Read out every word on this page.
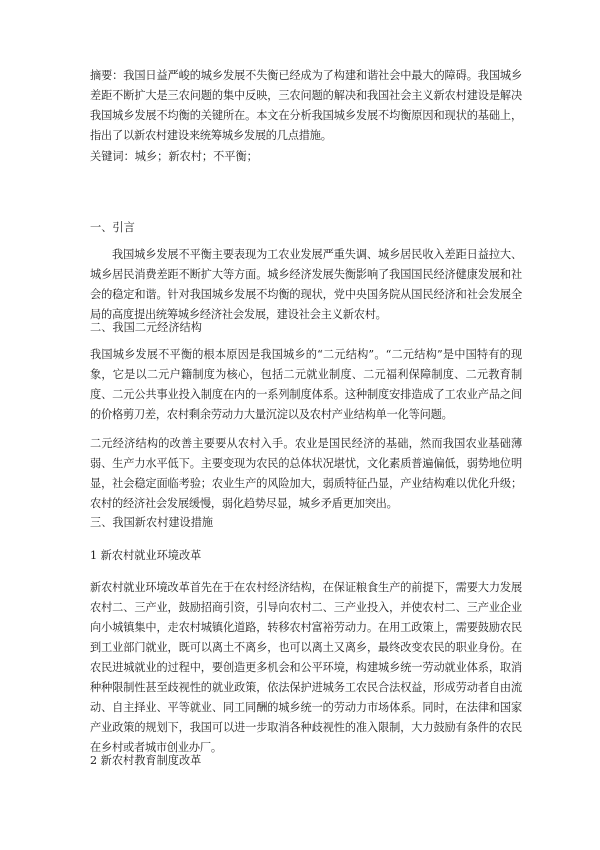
摘要：我国日益严峻的城乡发展不失衡已经成为了构建和谐社会中最大的障碍。我国城乡差距不断扩大是三农问题的集中反映，三农问题的解决和我国社会主义新农村建设是解决我国城乡发展不均衡的关键所在。本文在分析我国城乡发展不均衡原因和现状的基础上，指出了以新农村建设来统筹城乡发展的几点措施。

关键词：城乡；新农村；不平衡；

一、引言

我国城乡发展不平衡主要表现为工农业发展严重失调、城乡居民收入差距日益拉大、城乡居民消费差距不断扩大等方面。城乡经济发展失衡影响了我国国民经济健康发展和社会的稳定和谐。针对我国城乡发展不均衡的现状，党中央国务院从国民经济和社会发展全局的高度提出统筹城乡经济社会发展，建设社会主义新农村。

二、我国二元经济结构

我国城乡发展不平衡的根本原因是我国城乡的“二元结构”。“二元结构”是中国特有的现象，它是以二元户籍制度为核心，包括二元就业制度、二元福利保障制度、二元教育制度、二元公共事业投入制度在内的一系列制度体系。这种制度安排造成了工农业产品之间的价格剪刀差，农村剩余劳动力大量沉淀以及农村产业结构单一化等问题。

二元经济结构的改善主要要从农村入手。农业是国民经济的基础，然而我国农业基础薄弱、生产力水平低下。主要变现为农民的总体状况堪忧，文化素质普遍偏低，弱势地位明显，社会稳定面临考验；农业生产的风险加大，弱质特征凸显，产业结构难以优化升级；农村的经济社会发展缓慢，弱化趋势尽显，城乡矛盾更加突出。

三、我国新农村建设措施

1 新农村就业环境改革

新农村就业环境改革首先在于在农村经济结构，在保证粮食生产的前提下，需要大力发展农村二、三产业，鼓励招商引资，引导向农村二、三产业投入，并使农村二、三产业企业向小城镇集中，走农村城镇化道路，转移农村富裕劳动力。在用工政策上，需要鼓励农民到工业部门就业，既可以离土不离乡，也可以离土又离乡，最终改变农民的职业身份。在农民进城就业的过程中，要创造更多机会和公平环境，构建城乡统一劳动就业体系，取消种种限制性甚至歧视性的就业政策，依法保护进城务工农民合法权益，形成劳动者自由流动、自主择业、平等就业、同工同酬的城乡统一的劳动力市场体系。同时，在法律和国家产业政策的规划下，我国可以进一步取消各种歧视性的准入限制，大力鼓励有条件的农民在乡村或者城市创业办厂。

2 新农村教育制度改革
